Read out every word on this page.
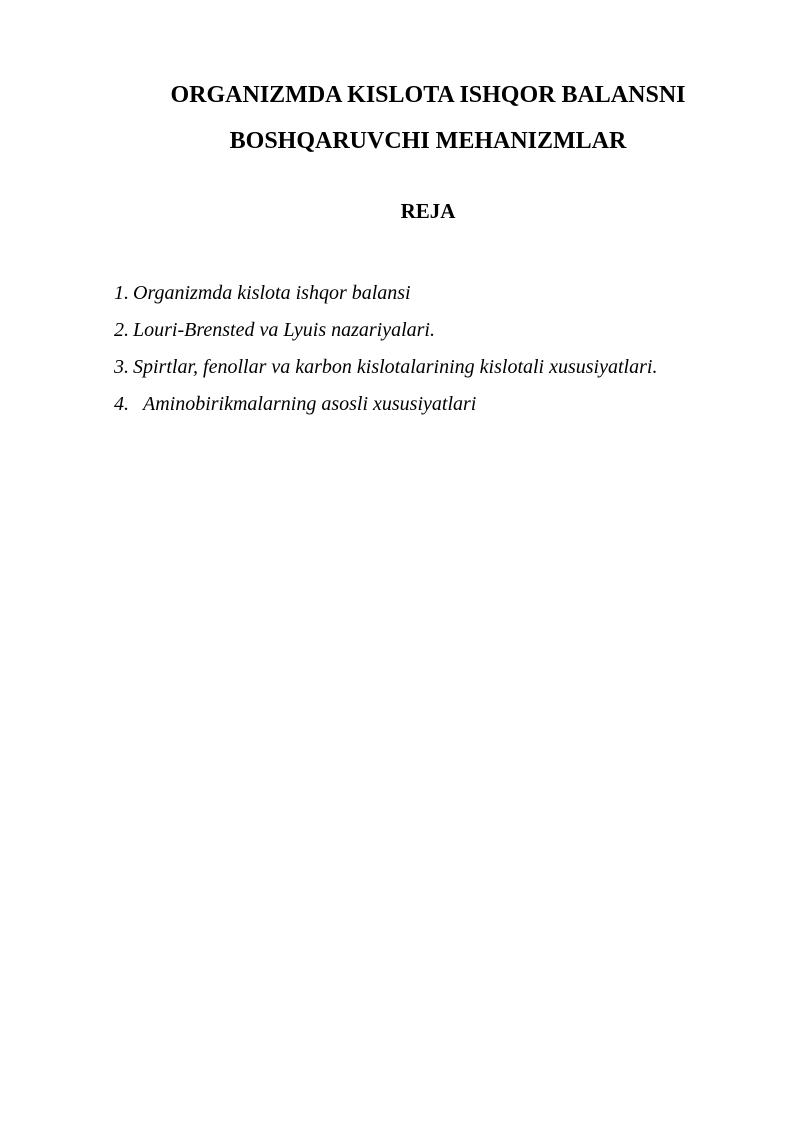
ORGANIZMDA KISLOTA ISHQOR BALANSNI
BOSHQARUVCHI MEHANIZMLAR
REJA
1. Organizmda kislota ishqor balansi
2. Louri-Brensted va Lyuis nazariyalari.
3. Spirtlar, fenollar va karbon kislotalarining kislotali xususiyatlari.
4. Aminobirikmalarning asosli xususiyatlari
